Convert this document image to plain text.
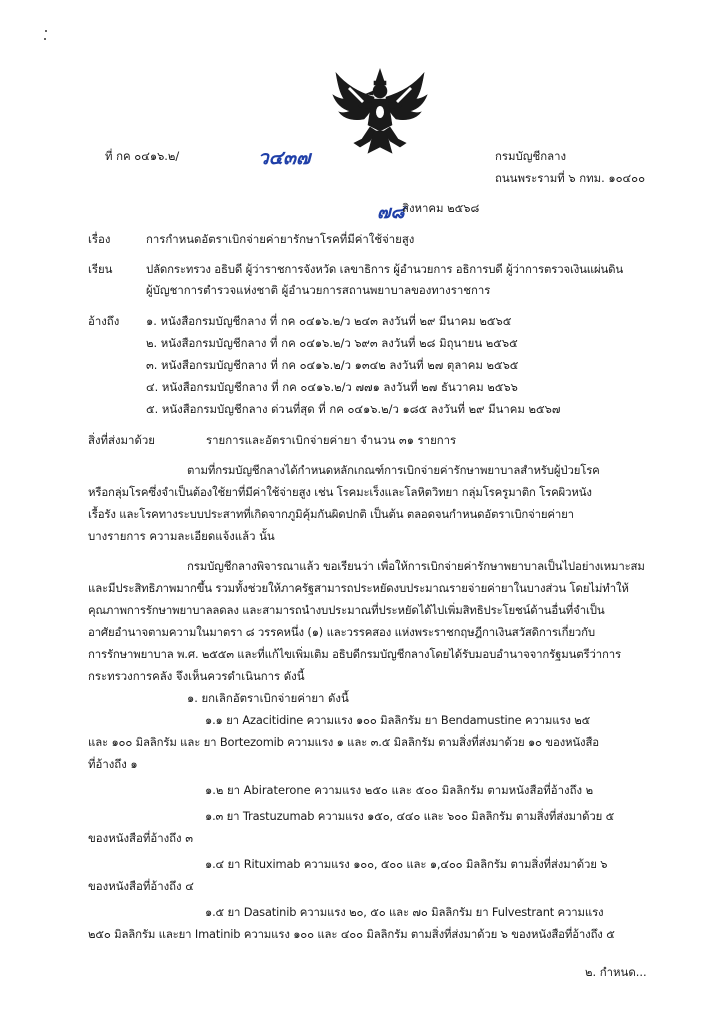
ที่ กค ๐๔๑๖.๒/	ว๔๓๗	กรมบัญชีกลาง
ถนนพระรามที่ ๖ กทม. ๑๐๔๐๐
๗๘
สิงหาคม ๒๕๖๘
เรื่อง	การกำหนดอัตราเบิกจ่ายค่ายารักษาโรคที่มีค่าใช้จ่ายสูง
เรียน	ปลัดกระทรวง อธิบดี ผู้ว่าราชการจังหวัด เลขาธิการ ผู้อำนวยการ อธิการบดี ผู้ว่าการตรวจเงินแผ่นดิน
ผู้บัญชาการตำรวจแห่งชาติ ผู้อำนวยการสถานพยาบาลของทางราชการ
อ้างถึง ๑. หนังสือกรมบัญชีกลาง ที่ กค ๐๔๑๖.๒/ว ๒๔๓ ลงวันที่ ๒๙ มีนาคม ๒๕๖๕
๒. หนังสือกรมบัญชีกลาง ที่ กค ๐๔๑๖.๒/ว ๖๙๓ ลงวันที่ ๒๘ มิถุนายน ๒๕๖๕
๓. หนังสือกรมบัญชีกลาง ที่ กค ๐๔๑๖.๒/ว ๑๓๔๒ ลงวันที่ ๒๗ ตุลาคม ๒๕๖๕
๔. หนังสือกรมบัญชีกลาง ที่ กค ๐๔๑๖.๒/ว ๗๗๑ ลงวันที่ ๒๗ ธันวาคม ๒๕๖๖
๕. หนังสือกรมบัญชีกลาง ด่วนที่สุด ที่ กค ๐๔๑๖.๒/ว ๑๘๕ ลงวันที่ ๒๙ มีนาคม ๒๕๖๗
สิ่งที่ส่งมาด้วย	รายการและอัตราเบิกจ่ายค่ายา จำนวน ๓๑ รายการ
ตามที่กรมบัญชีกลางได้กำหนดหลักเกณฑ์การเบิกจ่ายค่ารักษาพยาบาลสำหรับผู้ป่วยโรค
หรือกลุ่มโรคซึ่งจำเป็นต้องใช้ยาที่มีค่าใช้จ่ายสูง เช่น โรคมะเร็งและโลหิตวิทยา กลุ่มโรครูมาติก โรคผิวหนัง
เรื้อรัง และโรคทางระบบประสาทที่เกิดจากภูมิคุ้มกันผิดปกติ เป็นต้น ตลอดจนกำหนดอัตราเบิกจ่ายค่ายา
บางรายการ ความละเอียดแจ้งแล้ว นั้น
กรมบัญชีกลางพิจารณาแล้ว ขอเรียนว่า เพื่อให้การเบิกจ่ายค่ารักษาพยาบาลเป็นไปอย่างเหมาะสม
และมีประสิทธิภาพมากขึ้น รวมทั้งช่วยให้ภาครัฐสามารถประหยัดงบประมาณรายจ่ายค่ายาในบางส่วน โดยไม่ทำให้
คุณภาพการรักษาพยาบาลลดลง และสามารถนำงบประมาณที่ประหยัดได้ไปเพิ่มสิทธิประโยชน์ด้านอื่นที่จำเป็น
อาศัยอำนาจตามความในมาตรา ๘ วรรคหนึ่ง (๑) และวรรคสอง แห่งพระราชกฤษฎีกาเงินสวัสดิการเกี่ยวกับ
การรักษาพยาบาล พ.ศ. ๒๕๕๓ และที่แก้ไขเพิ่มเติม อธิบดีกรมบัญชีกลางโดยได้รับมอบอำนาจจากรัฐมนตรีว่าการ
กระทรวงการคลัง จึงเห็นควรดำเนินการ ดังนี้
๑. ยกเลิกอัตราเบิกจ่ายค่ายา ดังนี้
๑.๑ ยา Azacitidine ความแรง ๑๐๐ มิลลิกรัม ยา Bendamustine ความแรง ๒๕
และ ๑๐๐ มิลลิกรัม และ ยา Bortezomib ความแรง ๑ และ ๓.๕ มิลลิกรัม ตามสิ่งที่ส่งมาด้วย ๑๐ ของหนังสือ
ที่อ้างถึง ๑
๑.๒ ยา Abiraterone ความแรง ๒๕๐ และ ๕๐๐ มิลลิกรัม ตามหนังสือที่อ้างถึง ๒
๑.๓ ยา Trastuzumab ความแรง ๑๕๐, ๔๔๐ และ ๖๐๐ มิลลิกรัม ตามสิ่งที่ส่งมาด้วย ๕
ของหนังสือที่อ้างถึง ๓
๑.๔ ยา Rituximab ความแรง ๑๐๐, ๕๐๐ และ ๑,๔๐๐ มิลลิกรัม ตามสิ่งที่ส่งมาด้วย ๖
ของหนังสือที่อ้างถึง ๔
๑.๕ ยา Dasatinib ความแรง ๒๐, ๕๐ และ ๗๐ มิลลิกรัม ยา Fulvestrant ความแรง
๒๕๐ มิลลิกรัม และยา Imatinib ความแรง ๑๐๐ และ ๔๐๐ มิลลิกรัม ตามสิ่งที่ส่งมาด้วย ๖ ของหนังสือที่อ้างถึง ๕
๒. กำหนด...
